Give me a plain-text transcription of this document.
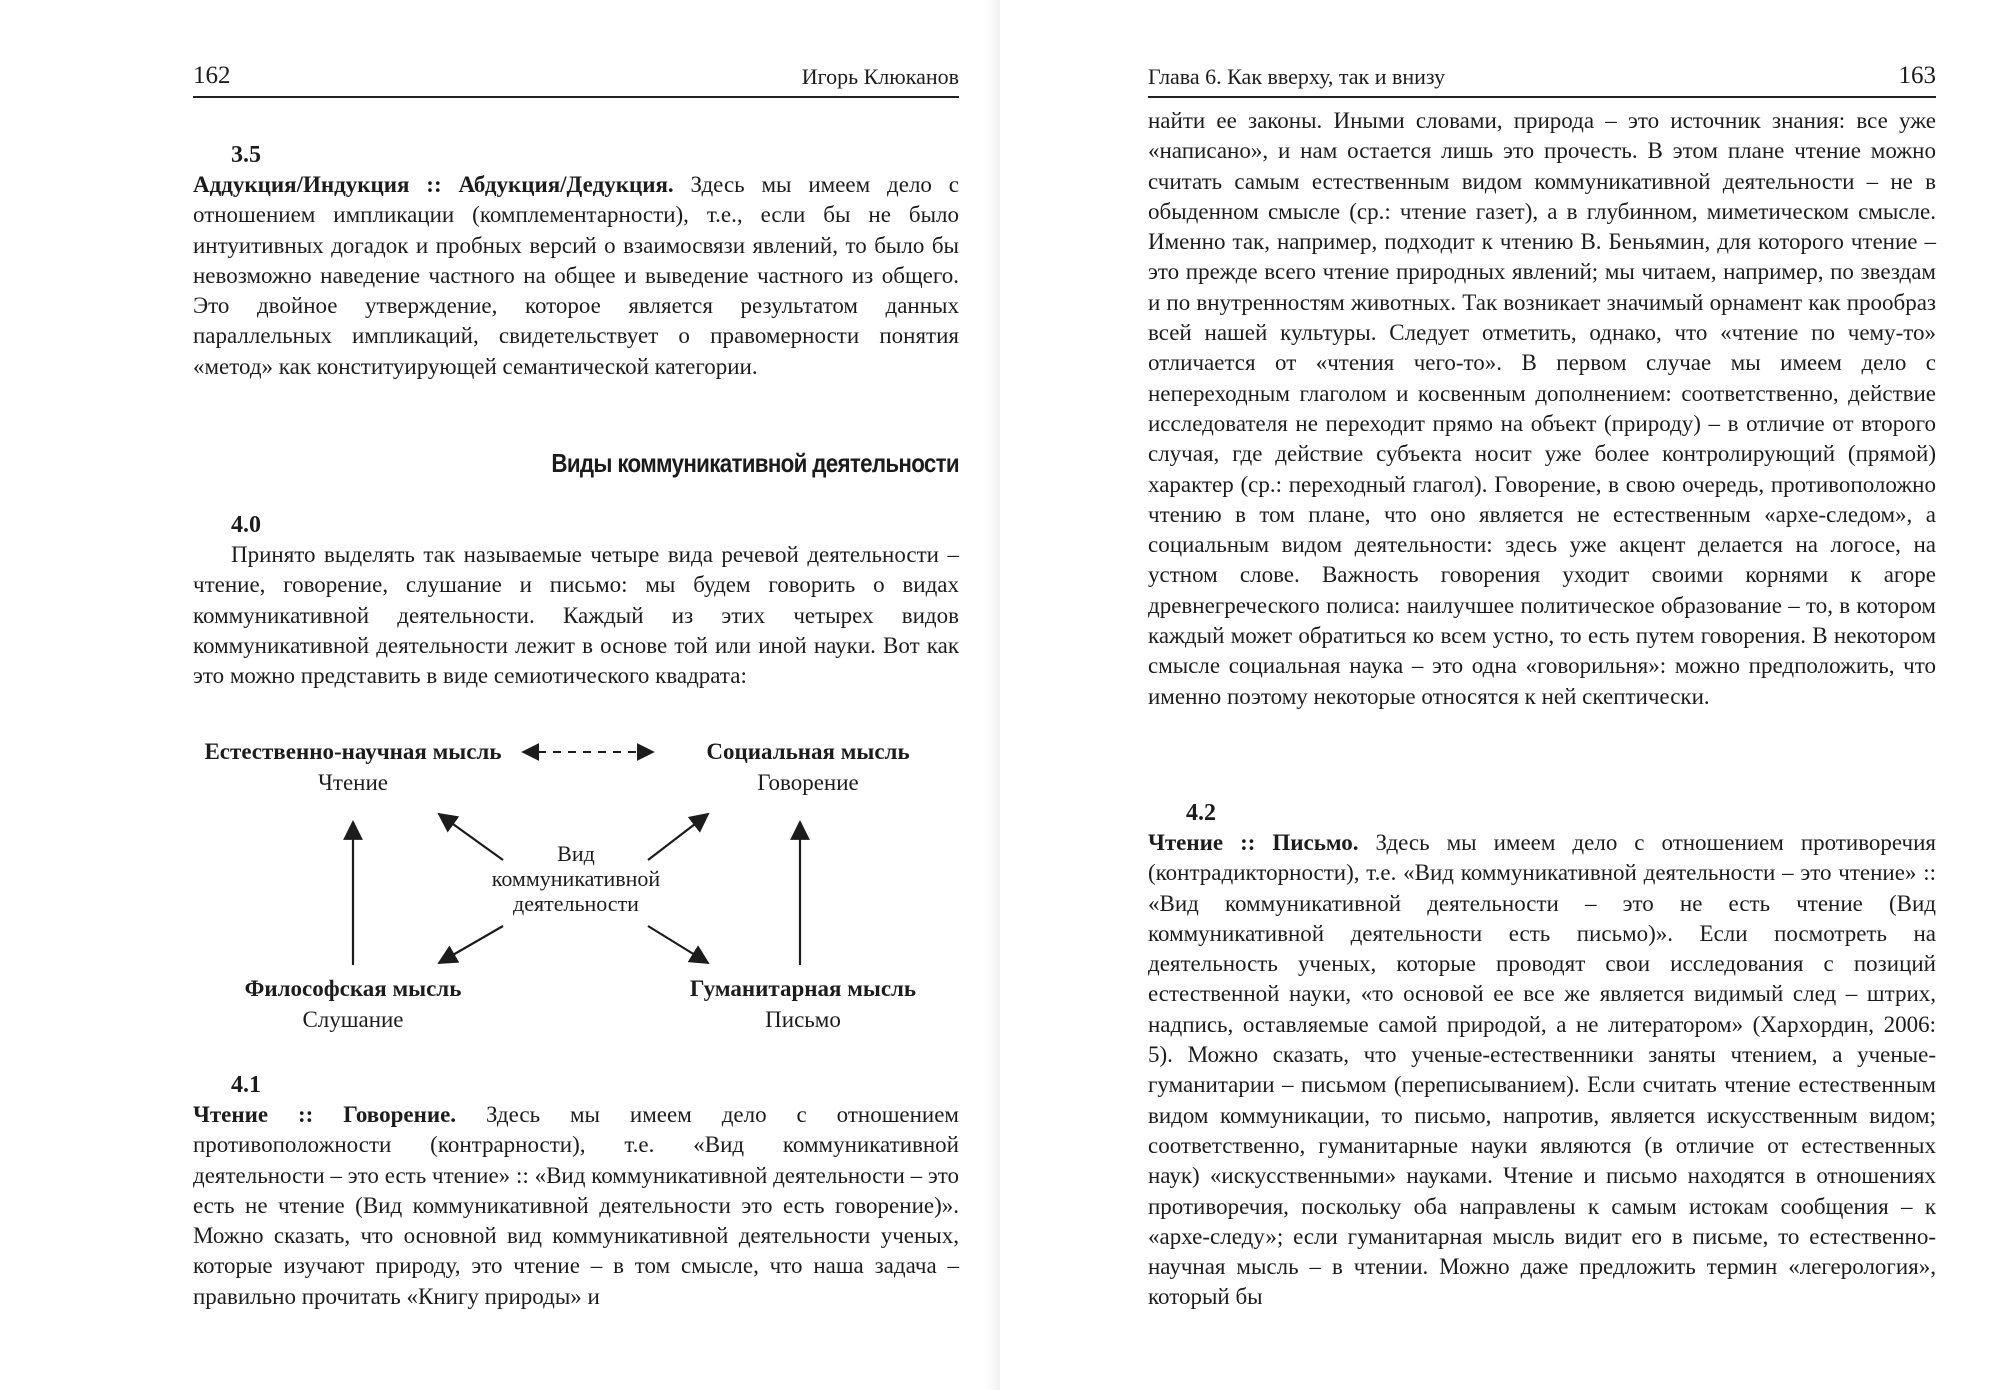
162	Игорь Клюканов
3.5

Аддукция/Индукция :: Абдукция/Дедукция. Здесь мы имеем дело с отношением импликации (комплементарности), т.е., если бы не было интуитивных догадок и пробных версий о взаимосвязи явлений, то было бы невозможно наведение частного на общее и выведение частного из общего. Это двойное утверждение, которое является результатом данных параллельных импликаций, свидетельствует о правомерности понятия «метод» как конституирующей семантической категории.

Виды коммуникативной деятельности
4.0

Принято выделять так называемые четыре вида речевой деятельности – чтение, говорение, слушание и письмо: мы будем говорить о видах коммуникативной деятельности. Каждый из этих четырех видов коммуникативной деятельности лежит в основе той или иной науки. Вот как это можно представить в виде семиотического квадрата:

Естественно-научная мысль
Чтение
Социальная мысль
Говорение
Философская мысль
Слушание
Гуманитарная мысль
Письмо
Вид
коммуникативной
деятельности
4.1

Чтение :: Говорение. Здесь мы имеем дело с отношением противоположности (контрарности), т.е. «Вид коммуникативной деятельности – это есть чтение» :: «Вид коммуникативной деятельности – это есть не чтение (Вид коммуникативной деятельности это есть говорение)». Можно сказать, что основной вид коммуникативной деятельности ученых, которые изучают природу, это чтение – в том смысле, что наша задача – правильно прочитать «Книгу природы» и

Глава 6. Как вверху, так и внизу	163

найти ее законы. Иными словами, природа – это источник знания: все уже «написано», и нам остается лишь это прочесть. В этом плане чтение можно считать самым естественным видом коммуникативной деятельности – не в обыденном смысле (ср.: чтение газет), а в глубинном, миметическом смысле. Именно так, например, подходит к чтению В. Беньямин, для которого чтение – это прежде всего чтение природных явлений; мы читаем, например, по звездам и по внутренностям животных. Так возникает значимый орнамент как прообраз всей нашей культуры. Следует отметить, однако, что «чтение по чему-то» отличается от «чтения чего-то». В первом случае мы имеем дело с непереходным глаголом и косвенным дополнением: соответственно, действие исследователя не переходит прямо на объект (природу) – в отличие от второго случая, где действие субъекта носит уже более контролирующий (прямой) характер (ср.: переходный глагол). Говорение, в свою очередь, противоположно чтению в том плане, что оно является не естественным «архе-следом», а социальным видом деятельности: здесь уже акцент делается на логосе, на устном слове. Важность говорения уходит своими корнями к агоре древнегреческого полиса: наилучшее политическое образование – то, в котором каждый может обратиться ко всем устно, то есть путем говорения. В некотором смысле социальная наука – это одна «говорильня»: можно предположить, что именно поэтому некоторые относятся к ней скептически.

4.2

Чтение :: Письмо. Здесь мы имеем дело с отношением противоречия (контрадикторности), т.е. «Вид коммуникативной деятельности – это чтение» :: «Вид коммуникативной деятельности – это не есть чтение (Вид коммуникативной деятельности есть письмо)». Если посмотреть на деятельность ученых, которые проводят свои исследования с позиций естественной науки, «то основой ее все же является видимый след – штрих, надпись, оставляемые самой природой, а не литератором» (Хархордин, 2006: 5). Можно сказать, что ученые-естественники заняты чтением, а ученые-гуманитарии – письмом (переписыванием). Если считать чтение естественным видом коммуникации, то письмо, напротив, является искусственным видом; соответственно, гуманитарные науки являются (в отличие от естественных наук) «искусственными» науками. Чтение и письмо находятся в отношениях противоречия, поскольку оба направлены к самым истокам сообщения – к «архе-следу»; если гуманитарная мысль видит его в письме, то естественно-научная мысль – в чтении. Можно даже предложить термин «легерология», который бы
